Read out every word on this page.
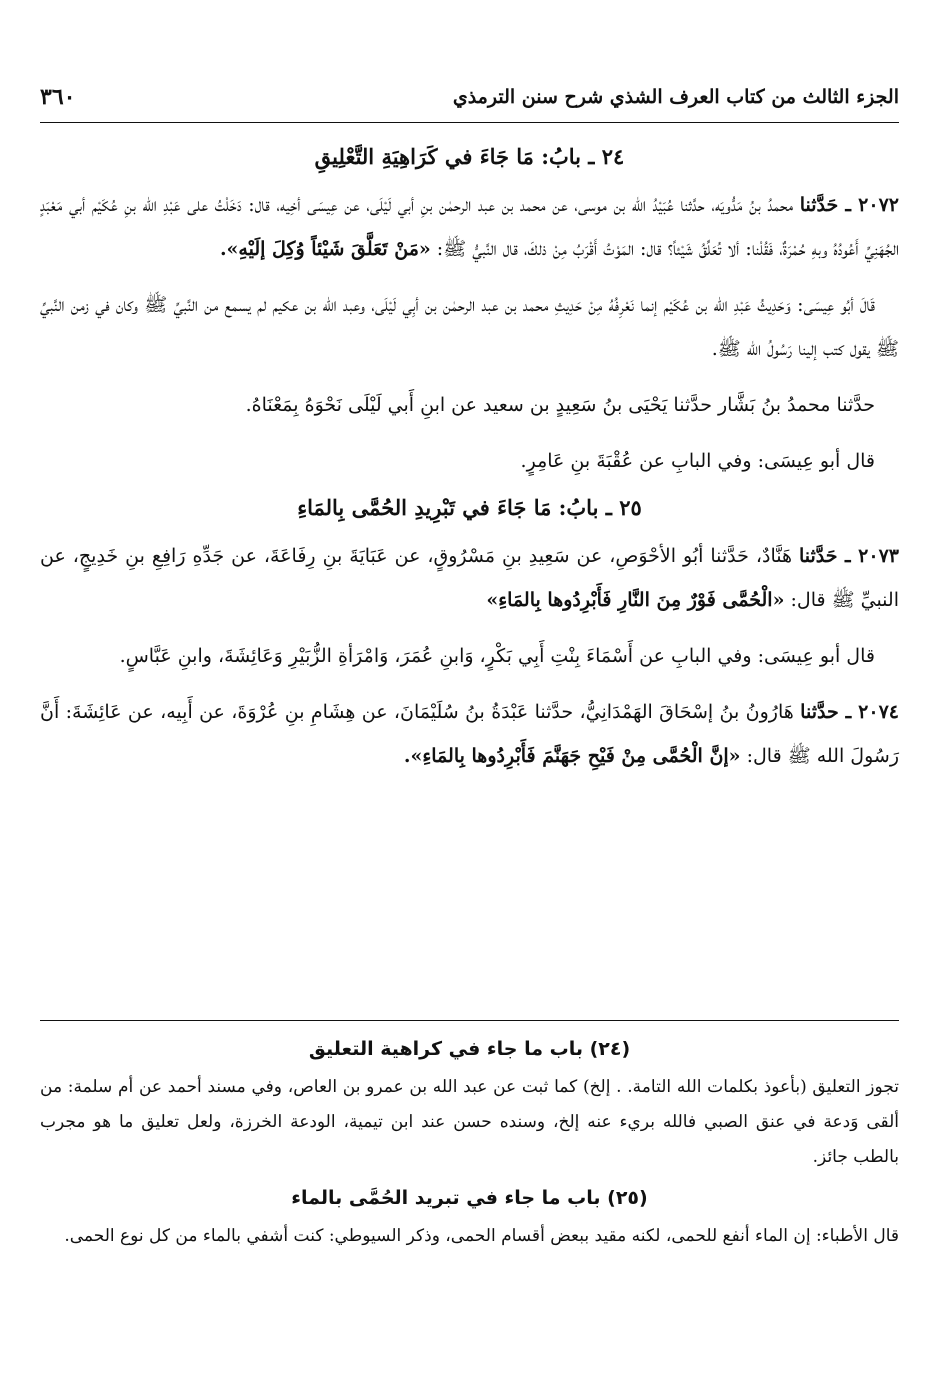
الجزء الثالث من كتاب العرف الشذي شرح سنن الترمذي
٣٦٠
٢٤ ـ بابُ: مَا جَاءَ في كَرَاهِيَةِ التَّعْلِيقِ

٢٠٧٢ ـ حَدَّثنا محمدُ بنُ مَدُّويَه، حدَّثنا عُبَيْدُ الله بن موسى، عن محمد بن عبد الرحمٰن بنِ أبي لَيْلَى، عن عِيسَى أخِيه، قال: دَخَلْتُ على عَبْدِ الله بنِ عُكَيْم أبي مَعْبَدٍ الجُهَنِيِّ أَعُودُهُ وبهِ حُمْرَةٌ، فَقُلْنا: ألا تُعَلِّقُ شَيْئاً؟ قال: المَوْتُ أَقْرَبُ مِنْ ذلكَ، قال النَّبيُّ ﷺ: «مَنْ تَعَلَّقَ شَيْئاً وُكِلَ إلَيْهِ».

قَالَ أبُو عِيسَى: وَحَدِيثُ عَبْدِ الله بن عُكَيْم إنما نَعْرِفُهُ مِنْ حَدِيثِ محمد بن عبد الرحمٰن بن أبِي لَيْلَى، وعبد الله بن عكيم لم يسمع من النَّبيِّ ﷺ وكان في زمن النَّبيِّ ﷺ يقول كتب إلينا رَسُولُ الله ﷺ.

حدَّثنا محمدُ بنُ بَشَّار حدَّثنا يَحْيَى بنُ سَعِيدٍ بن سعيد عن ابنِ أَبي لَيْلَى نَحْوَهُ بِمَعْنَاهُ.

قال أبو عِيسَى: وفي البابِ عن عُقْبَةَ بنِ عَامِرٍ.

٢٥ ـ بابُ: مَا جَاءَ في تَبْرِيدِ الحُمَّى بِالمَاءِ

٢٠٧٣ ـ حَدَّثنا هَنَّادٌ، حَدَّثنا أبُو الأحْوَصِ، عن سَعِيدِ بنِ مَسْرُوقٍ، عن عَبَايَةَ بنِ رِفَاعَةَ، عن جَدِّهِ رَافِعِ بنِ خَدِيجٍ، عن النبيِّ ﷺ قال: «الْحُمَّى فَوْرٌ مِنَ النَّارِ فَأَبْرِدُوها بِالمَاءِ»

قال أبو عِيسَى: وفي البابِ عن أَسْمَاءَ بِنْتِ أَبِي بَكْرٍ، وَابنِ عُمَرَ، وَامْرَأةِ الزُّبَيْرِ وَعَائِشَةَ، وابنِ عَبَّاسٍ.

٢٠٧٤ ـ حدَّثنا هَارُونُ بنُ إسْحَاقَ الهَمْدَانِيُّ، حدَّثنا عَبْدَةُ بنُ سُلَيْمَانَ، عن هِشَامِ بنِ عُرْوَةَ، عن أَبِيه، عن عَائِشَةَ: أَنَّ رَسُولَ الله ﷺ قال: «إنَّ الْحُمَّى مِنْ فَيْحِ جَهَنَّمَ فَأَبْرِدُوها بِالمَاءِ».

(٢٤) باب ما جاء في كراهية التعليق

تجوز التعليق (بأعوذ بكلمات الله التامة. . إلخ) كما ثبت عن عبد الله بن عمرو بن العاص، وفي مسند أحمد عن أم سلمة: من ألقى وَدعة في عنق الصبي فالله بريء عنه إلخ، وسنده حسن عند ابن تيمية، الودعة الخرزة، ولعل تعليق ما هو مجرب بالطب جائز.

(٢٥) باب ما جاء في تبريد الحُمَّى بالماء

قال الأطباء: إن الماء أنفع للحمى، لكنه مقيد ببعض أقسام الحمى، وذكر السيوطي: كنت أشفي بالماء من كل نوع الحمى.
